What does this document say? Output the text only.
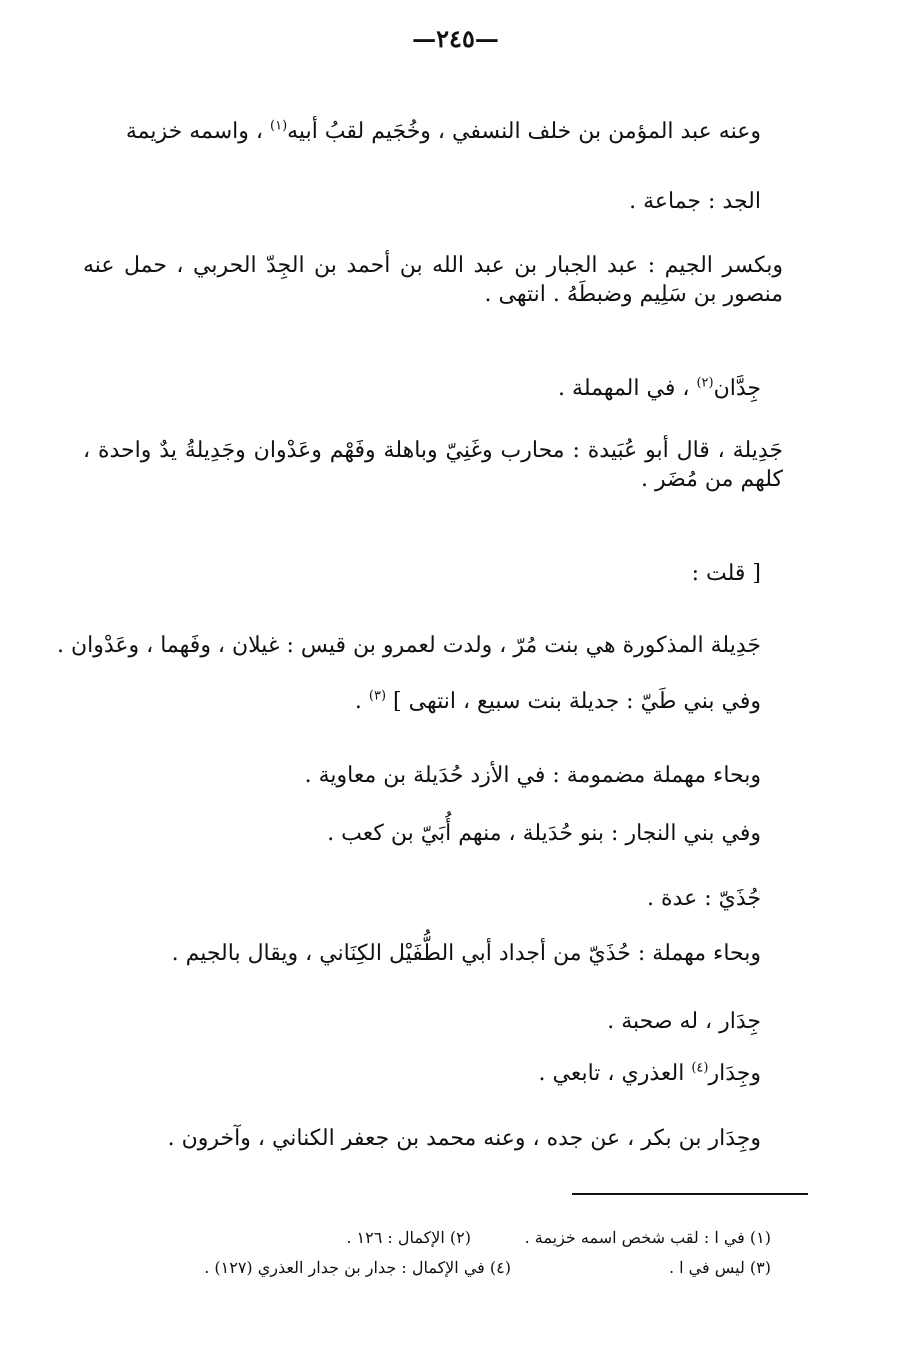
—٢٤٥—
وعنه عبد المؤمن بن خلف النسفي ، وخُجَيم لقبُ أبيه$^{(١)}$ ، واسمه خزيمة
الجد : جماعة .
وبكسر الجيم : عبد الجبار بن عبد الله بن أحمد بن الجِدّ الحربي ، حمل عنه منصور بن سَلِيم وضبطَهُ . انتهى .
جِدَّان$^{(٢)}$ ، في المهملة .
جَدِيلة ، قال أبو عُبَيدة : محارب وغَنِيّ وباهلة وفَهْم وعَدْوان وجَدِيلةُ يدٌ واحدة ، كلهم من مُضَر .
[ قلت :
جَدِيلة المذكورة هي بنت مُرّ ، ولدت لعمرو بن قيس : غيلان ، وفَهما ، وعَدْوان .
وفي بني طَيّ : جديلة بنت سبيع ، انتهى ] $^{(٣)}$ .
وبحاء مهملة مضمومة : في الأزد حُدَيلة بن معاوية .
وفي بني النجار : بنو حُدَيلة ، منهم أُبَيّ بن كعب .
جُذَيّ : عدة .
وبحاء مهملة : حُذَيّ من أجداد أبي الطُّفَيْل الكِنَاني ، ويقال بالجيم .
جِدَار ، له صحبة .
وجِدَار$^{(٤)}$ العذري ، تابعي .
وجِدَار بن بكر ، عن جده ، وعنه محمد بن جعفر الكناني ، وآخرون .
(١) في ا : لقب شخص اسمه خزيمة .
(٢) الإكمال : ١٢٦ .
(٣) ليس في ا .
(٤) في الإكمال : جدار بن جدار العذري (١٢٧) .
